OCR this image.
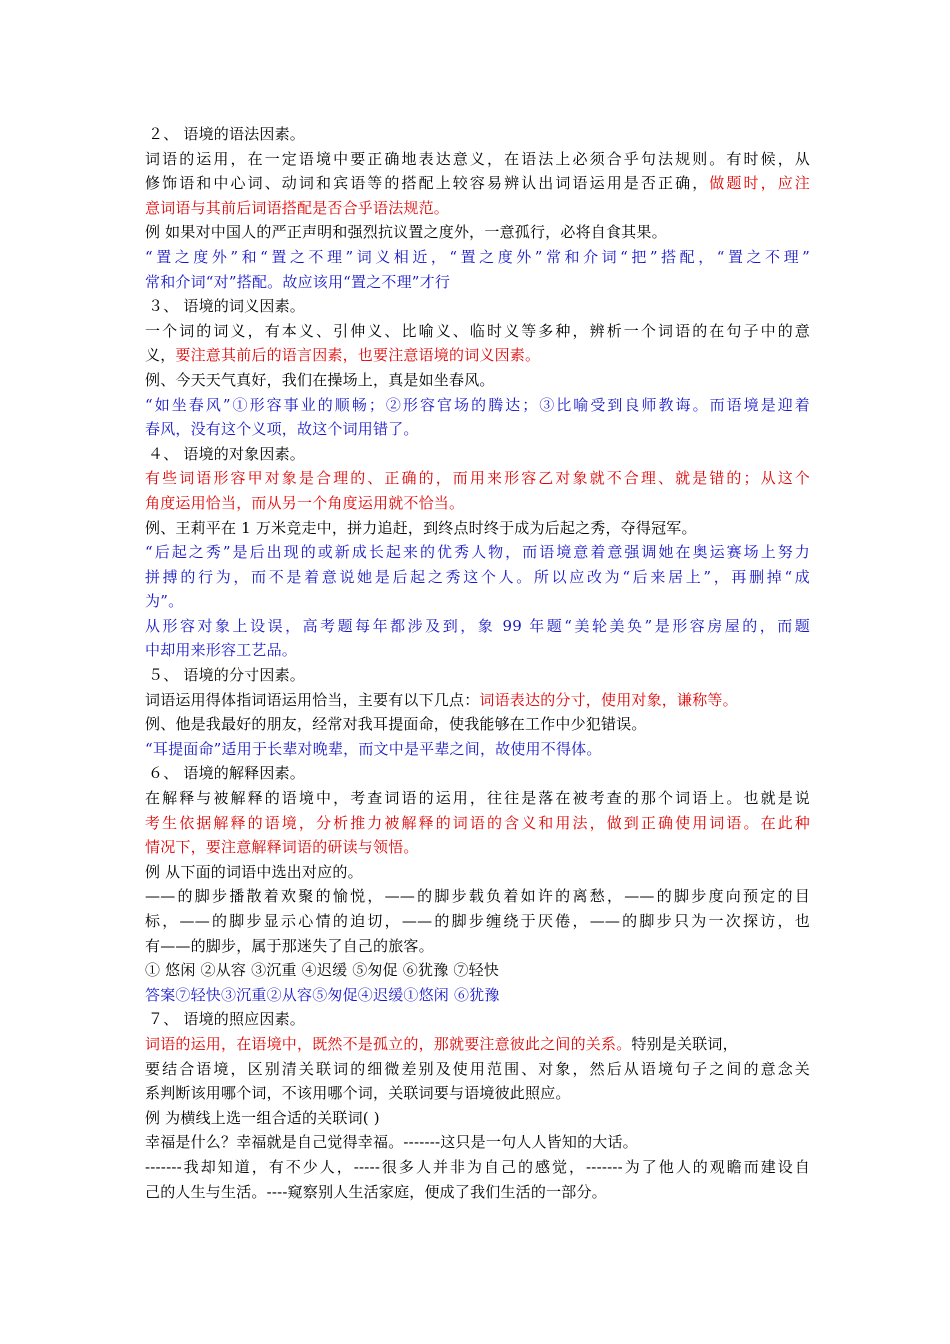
２、 语境的语法因素。
词语的运用，在一定语境中要正确地表达意义，在语法上必须合乎句法规则。有时候，从
修饰语和中心词、动词和宾语等的搭配上较容易辨认出词语运用是否正确，做题时，应注
意词语与其前后词语搭配是否合乎语法规范。
例 如果对中国人的严正声明和强烈抗议置之度外，一意孤行，必将自食其果。
“置之度外”和“置之不理”词义相近，“置之度外”常和介词“把”搭配，“置之不理”
常和介词“对”搭配。故应该用“置之不理”才行
３、 语境的词义因素。
一个词的词义，有本义、引伸义、比喻义、临时义等多种，辨析一个词语的在句子中的意
义，要注意其前后的语言因素，也要注意语境的词义因素。
例、今天天气真好，我们在操场上，真是如坐春风。
“如坐春风”①形容事业的顺畅；②形容官场的腾达；③比喻受到良师教诲。而语境是迎着
春风，没有这个义项，故这个词用错了。
４、 语境的对象因素。
有些词语形容甲对象是合理的、正确的，而用来形容乙对象就不合理、就是错的；从这个
角度运用恰当，而从另一个角度运用就不恰当。
例、王莉平在 1 万米竞走中，拼力追赶，到终点时终于成为后起之秀，夺得冠军。
“后起之秀”是后出现的或新成长起来的优秀人物，而语境意着意强调她在奥运赛场上努力
拼搏的行为，而不是着意说她是后起之秀这个人。所以应改为“后来居上”，再删掉“成
为”。
从形容对象上设误，高考题每年都涉及到，象 99 年题“美轮美奂”是形容房屋的，而题
中却用来形容工艺品。
５、 语境的分寸因素。
词语运用得体指词语运用恰当，主要有以下几点：词语表达的分寸，使用对象，谦称等。
例、他是我最好的朋友，经常对我耳提面命，使我能够在工作中少犯错误。
“耳提面命”适用于长辈对晚辈，而文中是平辈之间，故使用不得体。
６、 语境的解释因素。
在解释与被解释的语境中，考查词语的运用，往往是落在被考查的那个词语上。也就是说
考生依据解释的语境，分析推力被解释的词语的含义和用法，做到正确使用词语。在此种
情况下，要注意解释词语的研读与领悟。
例 从下面的词语中选出对应的。
——的脚步播散着欢聚的愉悦，——的脚步载负着如许的离愁，——的脚步度向预定的目
标，——的脚步显示心情的迫切，——的脚步缠绕于厌倦，——的脚步只为一次探访，也
有——的脚步，属于那迷失了自己的旅客。
① 悠闲 ②从容 ③沉重 ④迟缓 ⑤匆促 ⑥犹豫 ⑦轻快
答案⑦轻快③沉重②从容⑤匆促④迟缓①悠闲 ⑥犹豫
７、 语境的照应因素。
词语的运用，在语境中，既然不是孤立的，那就要注意彼此之间的关系。特别是关联词，
要结合语境，区别清关联词的细微差别及使用范围、对象，然后从语境句子之间的意念关
系判断该用哪个词，不该用哪个词，关联词要与语境彼此照应。
例 为横线上选一组合适的关联词( )
幸福是什么？幸福就是自己觉得幸福。-------这只是一句人人皆知的大话。
-------我却知道，有不少人，-----很多人并非为自己的感觉，-------为了他人的观瞻而建设自
己的人生与生活。----窥察别人生活家庭，便成了我们生活的一部分。
